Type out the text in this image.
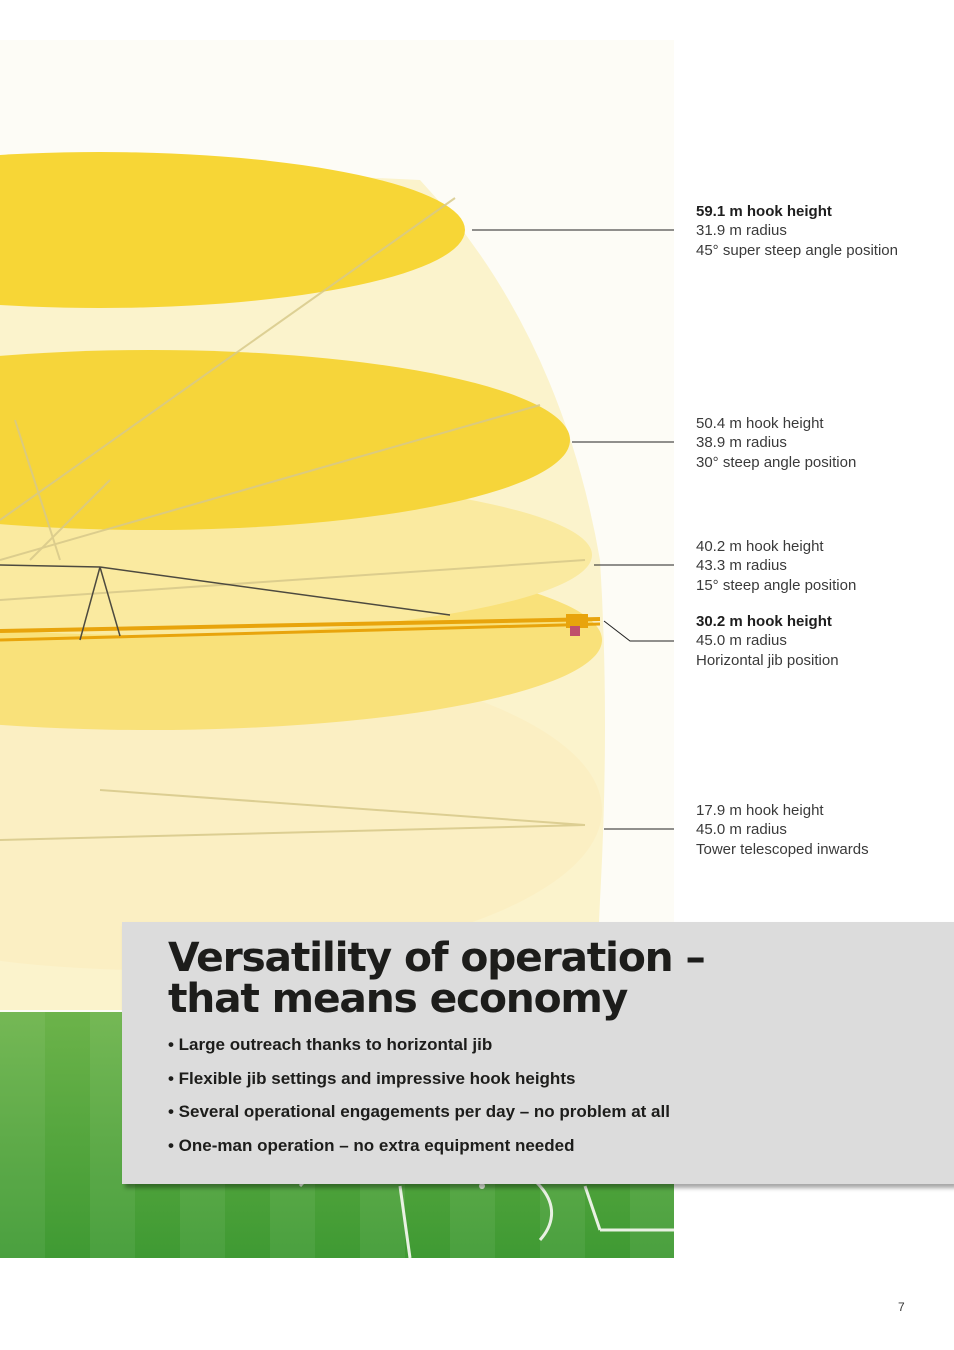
59.1 m hook height
31.9 m radius
45° super steep angle position
50.4 m hook height
38.9 m radius
30° steep angle position
40.2 m hook height
43.3 m radius
15° steep angle position
30.2 m hook height
45.0 m radius
Horizontal jib position
17.9 m hook height
45.0 m radius
Tower telescoped inwards
Versatility of operation –
that means economy
• Large outreach thanks to horizontal jib
• Flexible jib settings and impressive hook heights
• Several operational engagements per day – no problem at all
• One-man operation – no extra equipment needed
7
